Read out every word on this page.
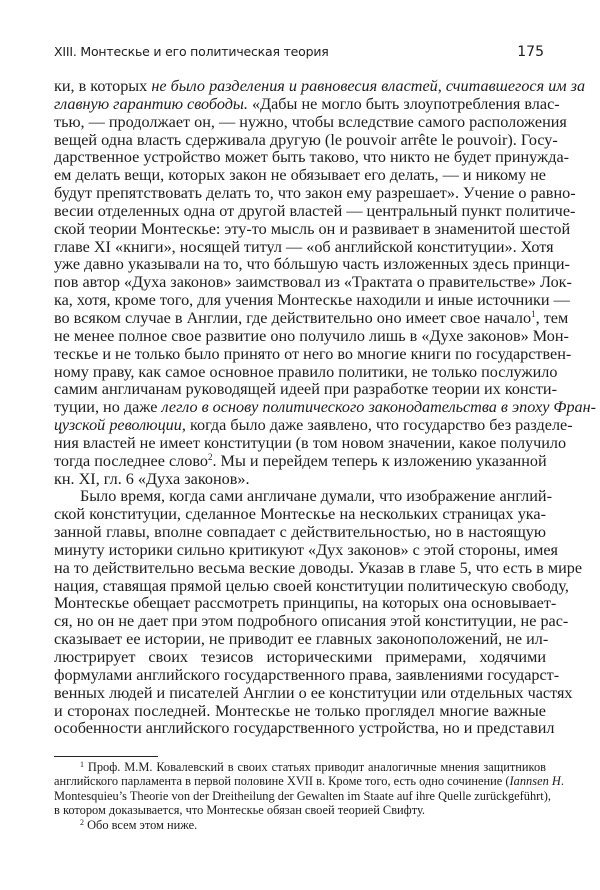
XIII. Монтескье и его политическая теория	175
ки, в которых не было разделения и равновесия властей, считавшегося им за
главную гарантию свободы. «Дабы не могло быть злоупотребления влас-
тью, — продолжает он, — нужно, чтобы вследствие самого расположения
вещей одна власть сдерживала другую (le pouvoir arrête le pouvoir). Госу-
дарственное устройство может быть таково, что никто не будет принужда-
ем делать вещи, которых закон не обязывает его делать, — и никому не
будут препятствовать делать то, что закон ему разрешает». Учение о равно-
весии отделенных одна от другой властей — центральный пункт политиче-
ской теории Монтескье: эту-то мысль он и развивает в знаменитой шестой
главе XI «книги», носящей титул — «об английской конституции». Хотя
уже давно указывали на то, что бóльшую часть изложенных здесь принци-
пов автор «Духа законов» заимствовал из «Трактата о правительстве» Лок-
ка, хотя, кроме того, для учения Монтескье находили и иные источники —
во всяком случае в Англии, где действительно оно имеет свое начало$^1$, тем
не менее полное свое развитие оно получило лишь в «Духе законов» Мон-
тескье и не только было принято от него во многие книги по государствен-
ному праву, как самое основное правило политики, не только послужило
самим англичанам руководящей идеей при разработке теории их консти-
туции, но даже легло в основу политического законодательства в эпоху Фран-
цузской революции, когда было даже заявлено, что государство без разделе-
ния властей не имеет конституции (в том новом значении, какое получило
тогда последнее слово$^2$. Мы и перейдем теперь к изложению указанной
кн. XI, гл. 6 «Духа законов».
Было время, когда сами англичане думали, что изображение англий-
ской конституции, сделанное Монтескье на нескольких страницах ука-
занной главы, вполне совпадает с действительностью, но в настоящую
минуту историки сильно критикуют «Дух законов» с этой стороны, имея
на то действительно весьма веские доводы. Указав в главе 5, что есть в мире
нация, ставящая прямой целью своей конституции политическую свободу,
Монтескье обещает рассмотреть принципы, на которых она основывает-
ся, но он не дает при этом подробного описания этой конституции, не рас-
сказывает ее истории, не приводит ее главных законоположений, не ил-
люстрирует своих тезисов историческими примерами, ходячими
формулами английского государственного права, заявлениями государст-
венных людей и писателей Англии о ее конституции или отдельных частях
и сторонах последней. Монтескье не только проглядел многие важные
особенности английского государственного устройства, но и представил
$^1$ Проф. М.М. Ковалевский в своих статьях приводит аналогичные мнения защитников
английского парламента в первой половине XVII в. Кроме того, есть одно сочинение (Iannsen H.
Montesquieu’s Theorie von der Dreitheilung der Gewalten im Staate auf ihre Quelle zurückgeführt),
в котором доказывается, что Монтескье обязан своей теорией Свифту.
$^2$ Обо всем этом ниже.
